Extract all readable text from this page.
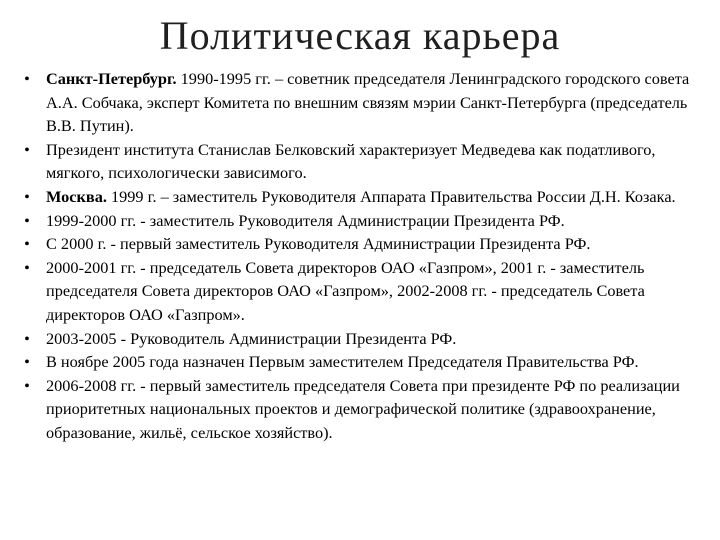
Политическая карьера
• Санкт-Петербург. 1990-1995 гг. – советник председателя Ленинградского городского совета А.А. Собчака, эксперт Комитета по внешним связям мэрии Санкт-Петербурга (председатель В.В. Путин).
• Президент института Станислав Белковский характеризует Медведева как податливого, мягкого, психологически зависимого.
• Москва. 1999 г. – заместитель Руководителя Аппарата Правительства России Д.Н. Козака.
• 1999-2000 гг. - заместитель Руководителя Администрации Президента РФ.
• С 2000 г. - первый заместитель Руководителя Администрации Президента РФ.
• 2000-2001 гг. - председатель Совета директоров ОАО «Газпром», 2001 г. - заместитель председателя Совета директоров ОАО «Газпром», 2002-2008 гг. - председатель Совета директоров ОАО «Газпром».
• 2003-2005 - Руководитель Администрации Президента РФ.
• В ноябре 2005 года назначен Первым заместителем Председателя Правительства РФ.
• 2006-2008 гг. - первый заместитель председателя Совета при президенте РФ по реализации приоритетных национальных проектов и демографической политике (здравоохранение, образование, жильё, сельское хозяйство).
